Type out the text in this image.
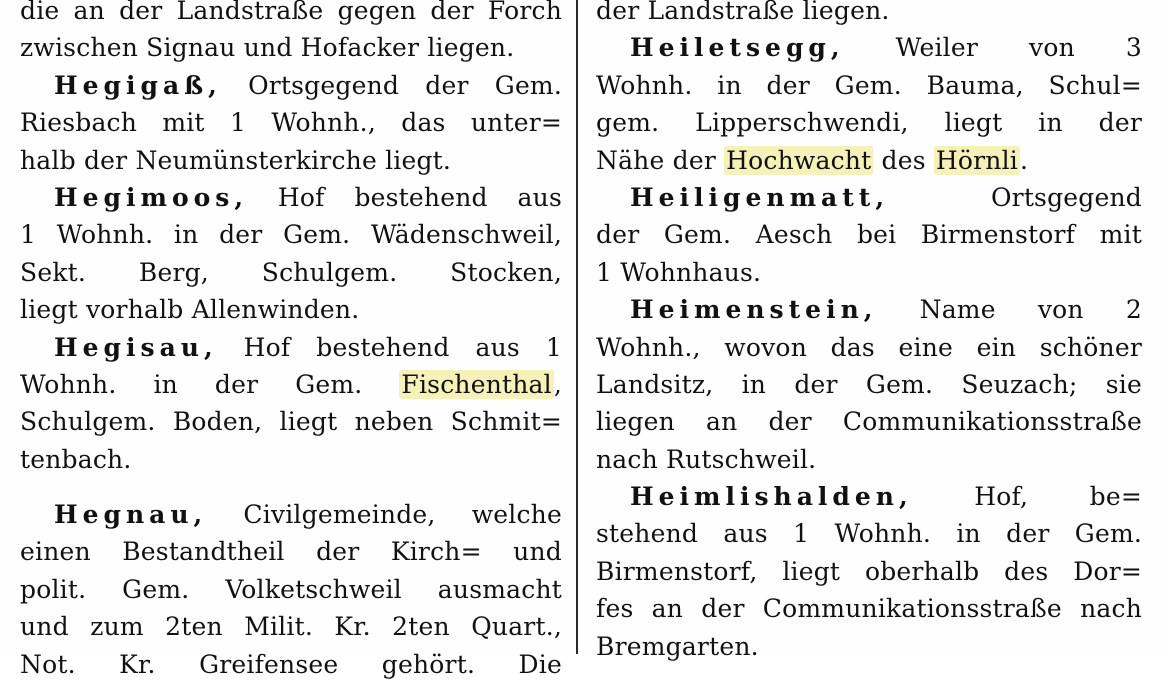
die an der Landstraße gegen der Forch
zwischen Signau und Hofacker liegen.
Hegigaß, Ortsgegend der Gem.
Riesbach mit 1 Wohnh., das unter=
halb der Neumünsterkirche liegt.
Hegimoos, Hof bestehend aus
1 Wohnh. in der Gem. Wädenschweil,
Sekt. Berg, Schulgem. Stocken,
liegt vorhalb Allenwinden.
Hegisau, Hof bestehend aus 1
Wohnh. in der Gem. Fischenthal,
Schulgem. Boden, liegt neben Schmit=
tenbach.
Hegnau, Civilgemeinde, welche
einen Bestandtheil der Kirch= und
polit. Gem. Volketschweil ausmacht
und zum 2ten Milit. Kr. 2ten Quart.,
Not. Kr. Greifensee gehört. Die
der Landstraße liegen.
Heiletsegg, Weiler von 3
Wohnh. in der Gem. Bauma, Schul=
gem. Lipperschwendi, liegt in der
Nähe der Hochwacht des Hörnli.
Heiligenmatt,	Ortsgegend
der Gem. Aesch bei Birmenstorf mit
1 Wohnhaus.
Heimenstein, Name von 2
Wohnh., wovon das eine ein schöner
Landsitz, in der Gem. Seuzach; sie
liegen an der Communikationsstraße
nach Rutschweil.
Heimlishalden, Hof, be=
stehend aus 1 Wohnh. in der Gem.
Birmenstorf, liegt oberhalb des Dor=
fes an der Communikationsstraße nach
Bremgarten.
